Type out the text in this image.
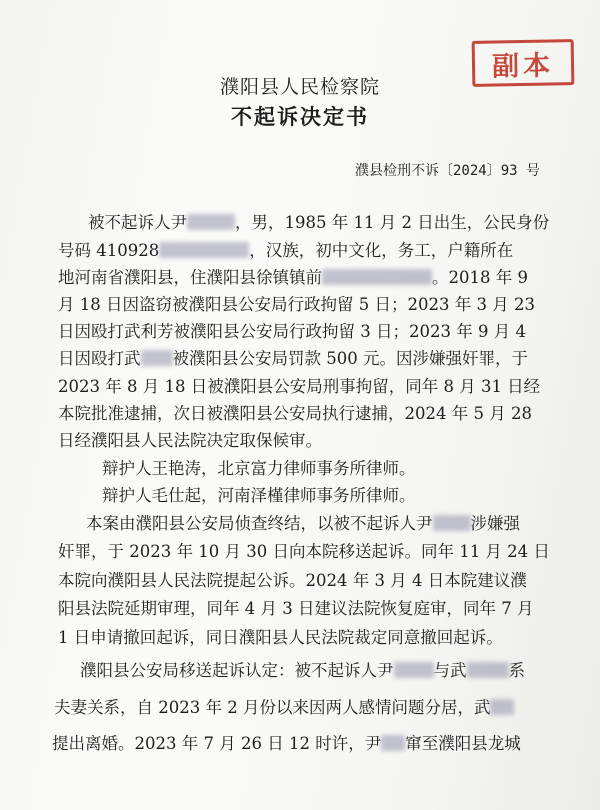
副本
濮阳县人民检察院
不起诉决定书
濮县检刑不诉〔2024〕93 号
被不起诉人尹	，男，1985 年 11 月 2 日出生，公民身份
号码 410928	，汉族，初中文化，务工，户籍所在
地河南省濮阳县，住濮阳县徐镇镇前	。2018 年 9
月 18 日因盗窃被濮阳县公安局行政拘留 5 日；2023 年 3 月 23
日因殴打武利芳被濮阳县公安局行政拘留 3 日；2023 年 9 月 4
日因殴打武 被濮阳县公安局罚款 500 元。因涉嫌强奸罪，于
2023 年 8 月 18 日被濮阳县公安局刑事拘留，同年 8 月 31 日经
本院批准逮捕，次日被濮阳县公安局执行逮捕，2024 年 5 月 28
日经濮阳县人民法院决定取保候审。
辩护人王艳涛，北京富力律师事务所律师。
辩护人毛仕起，河南泽槿律师事务所律师。
本案由濮阳县公安局侦查终结，以被不起诉人尹 涉嫌强
奸罪，于 2023 年 10 月 30 日向本院移送起诉。同年 11 月 24 日
本院向濮阳县人民法院提起公诉。2024 年 3 月 4 日本院建议濮
阳县法院延期审理，同年 4 月 3 日建议法院恢复庭审，同年 7 月
1 日申请撤回起诉，同日濮阳县人民法院裁定同意撤回起诉。
濮阳县公安局移送起诉认定：被不起诉人尹 与武	系
夫妻关系，自 2023 年 2 月份以来因两人感情问题分居，武
提出离婚。2023 年 7 月 26 日 12 时许，尹 窜至濮阳县龙城
